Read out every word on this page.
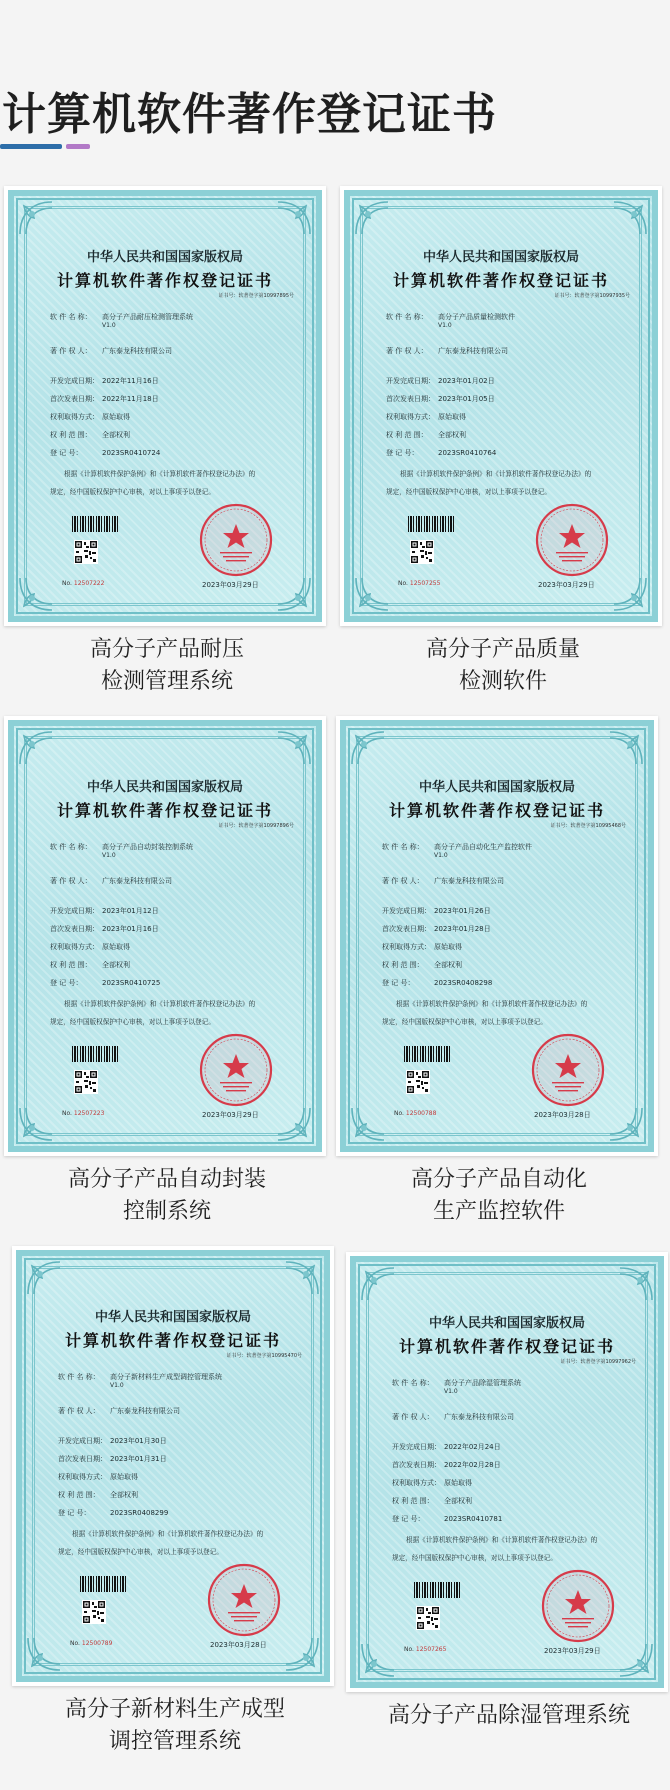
计算机软件著作登记证书
中华人民共和国国家版权局
计算机软件著作权登记证书
证书号：软著登字第10997895号
软 件 名 称： 高分子产品耐压检测管理系统
V1.0
著 作 权 人： 广东泰龙科技有限公司
开发完成日期： 2022年11月16日
首次发表日期： 2022年11月18日
权利取得方式： 原始取得
权 利 范 围： 全部权利
登 记 号：	2023SR0410724
根据《计算机软件保护条例》和《计算机软件著作权登记办法》的
规定，经中国版权保护中心审核，对以上事项予以登记。
No. 12507222	2023年03月29日
高分子产品耐压
检测管理系统
中华人民共和国国家版权局
计算机软件著作权登记证书
证书号：软著登字第10997935号
软 件 名 称： 高分子产品质量检测软件
V1.0
著 作 权 人： 广东泰龙科技有限公司
开发完成日期： 2023年01月02日
首次发表日期： 2023年01月05日
权利取得方式： 原始取得
权 利 范 围： 全部权利
登 记 号：	2023SR0410764
根据《计算机软件保护条例》和《计算机软件著作权登记办法》的
规定，经中国版权保护中心审核，对以上事项予以登记。
No. 12507255	2023年03月29日
高分子产品质量
检测软件
中华人民共和国国家版权局
计算机软件著作权登记证书
证书号：软著登字第10997896号
软 件 名 称： 高分子产品自动封装控制系统
V1.0
著 作 权 人： 广东泰龙科技有限公司
开发完成日期： 2023年01月12日
首次发表日期： 2023年01月16日
权利取得方式： 原始取得
权 利 范 围： 全部权利
登 记 号：	2023SR0410725
根据《计算机软件保护条例》和《计算机软件著作权登记办法》的
规定，经中国版权保护中心审核，对以上事项予以登记。
No. 12507223	2023年03月29日
高分子产品自动封装
控制系统
中华人民共和国国家版权局
计算机软件著作权登记证书
证书号：软著登字第10995468号
软 件 名 称： 高分子产品自动化生产监控软件
V1.0
著 作 权 人： 广东泰龙科技有限公司
开发完成日期： 2023年01月26日
首次发表日期： 2023年01月28日
权利取得方式： 原始取得
权 利 范 围： 全部权利
登 记 号：	2023SR0408298
根据《计算机软件保护条例》和《计算机软件著作权登记办法》的
规定，经中国版权保护中心审核，对以上事项予以登记。
No. 12500788	2023年03月28日
高分子产品自动化
生产监控软件
中华人民共和国国家版权局
计算机软件著作权登记证书
证书号：软著登字第10995470号
软 件 名 称： 高分子新材料生产成型调控管理系统
V1.0
著 作 权 人： 广东泰龙科技有限公司
开发完成日期： 2023年01月30日
首次发表日期： 2023年01月31日
权利取得方式： 原始取得
权 利 范 围： 全部权利
登 记 号：	2023SR0408299
根据《计算机软件保护条例》和《计算机软件著作权登记办法》的
规定，经中国版权保护中心审核，对以上事项予以登记。
No. 12500789	2023年03月28日
高分子新材料生产成型
调控管理系统
中华人民共和国国家版权局
计算机软件著作权登记证书
证书号：软著登字第10997962号
软 件 名 称： 高分子产品除湿管理系统
V1.0
著 作 权 人： 广东泰龙科技有限公司
开发完成日期： 2022年02月24日
首次发表日期： 2022年02月28日
权利取得方式： 原始取得
权 利 范 围： 全部权利
登 记 号：	2023SR0410781
根据《计算机软件保护条例》和《计算机软件著作权登记办法》的
规定，经中国版权保护中心审核，对以上事项予以登记。
No. 12507265	2023年03月29日
高分子产品除湿管理系统
